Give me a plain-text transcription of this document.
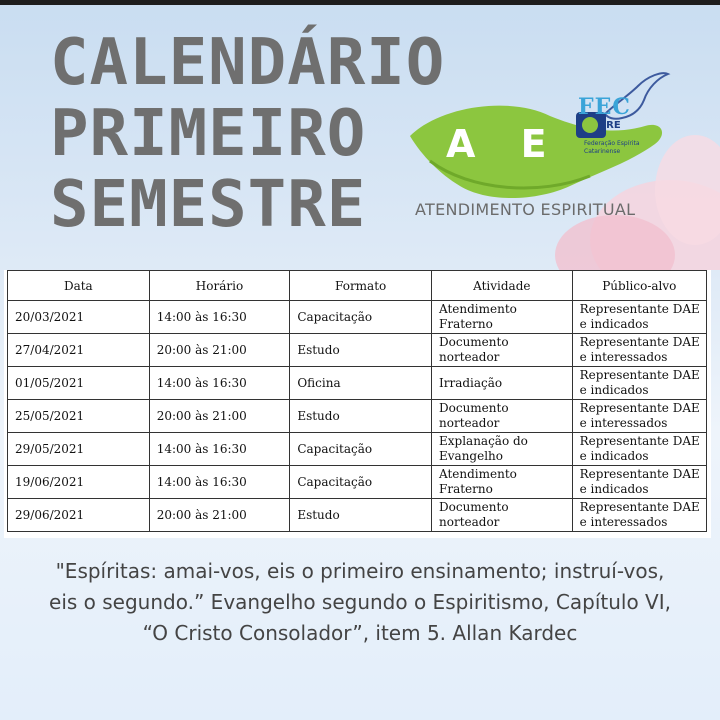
CALENDÁRIO
PRIMEIRO
SEMESTRE
A E
FEC
URE
Federação Espírita Catarinense
ATENDIMENTO ESPIRITUAL
Data	Horário	Formato	Atividade	Público-alvo
20/03/2021	14:00 às 16:30	Capacitação	Atendimento Fraterno	Representante DAE e indicados
27/04/2021	20:00 às 21:00	Estudo	Documento norteador	Representante DAE e interessados
01/05/2021	14:00 às 16:30	Oficina	Irradiação	Representante DAE e indicados
25/05/2021	20:00 às 21:00	Estudo	Documento norteador	Representante DAE e interessados
29/05/2021	14:00 às 16:30	Capacitação	Explanação do Evangelho	Representante DAE e indicados
19/06/2021	14:00 às 16:30	Capacitação	Atendimento Fraterno	Representante DAE e indicados
29/06/2021	20:00 às 21:00	Estudo	Documento norteador	Representante DAE e interessados

"Espíritas: amai-vos, eis o primeiro ensinamento; instruí-vos, eis o segundo.” Evangelho segundo o Espiritismo, Capítulo VI, “O Cristo Consolador”, item 5. Allan Kardec
